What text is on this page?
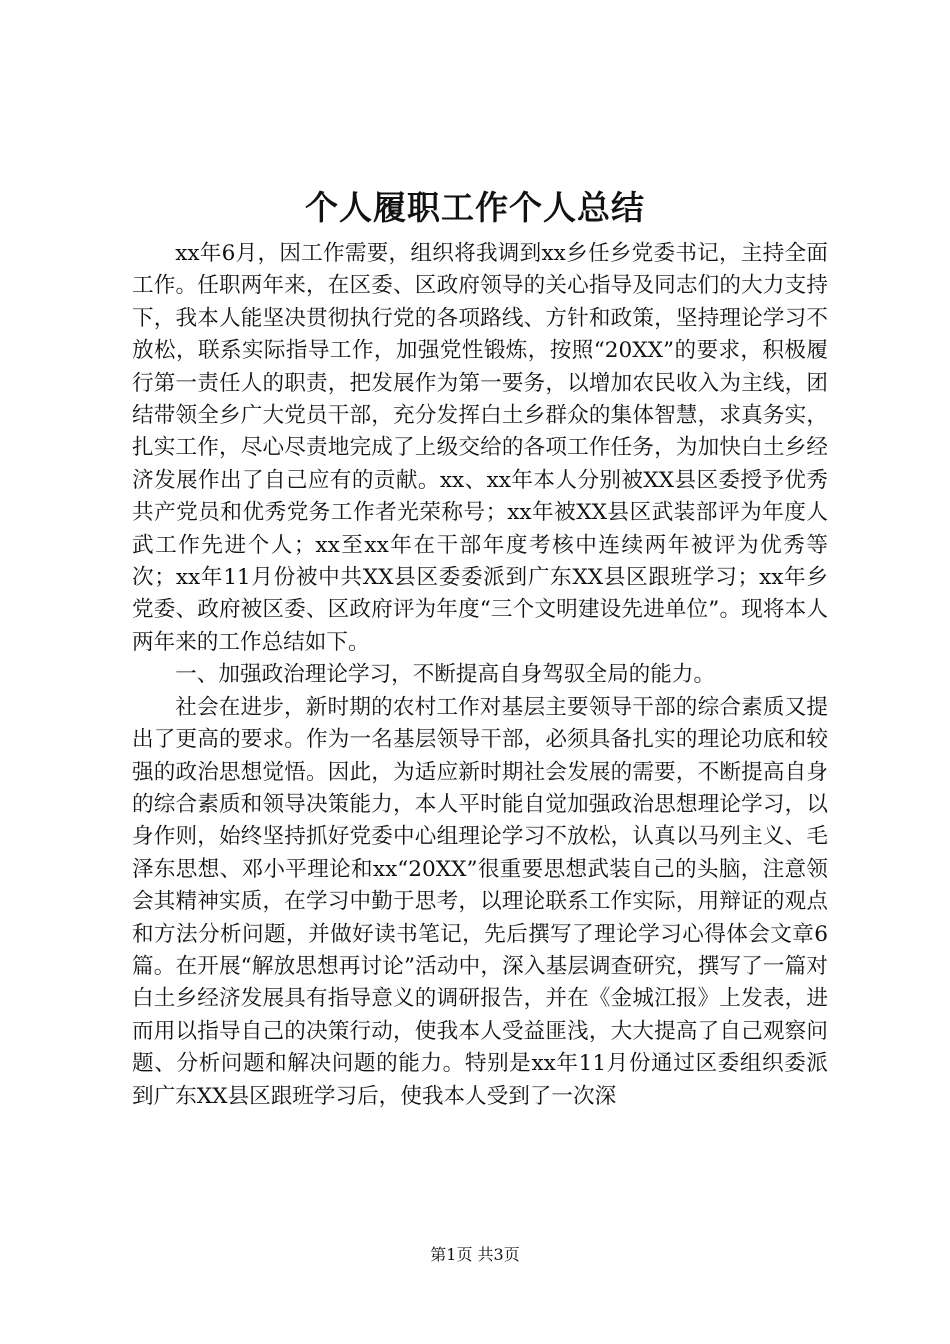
个人履职工作个人总结

xx年6月，因工作需要，组织将我调到xx乡任乡党委书记，主持全面工作。任职两年来，在区委、区政府领导的关心指导及同志们的大力支持下，我本人能坚决贯彻执行党的各项路线、方针和政策，坚持理论学习不放松，联系实际指导工作，加强党性锻炼，按照“20XX”的要求，积极履行第一责任人的职责，把发展作为第一要务，以增加农民收入为主线，团结带领全乡广大党员干部，充分发挥白土乡群众的集体智慧，求真务实，扎实工作，尽心尽责地完成了上级交给的各项工作任务，为加快白土乡经济发展作出了自己应有的贡献。xx、xx年本人分别被XX县区委授予优秀共产党员和优秀党务工作者光荣称号；xx年被XX县区武装部评为年度人武工作先进个人；xx至xx年在干部年度考核中连续两年被评为优秀等次；xx年11月份被中共XX县区委委派到广东XX县区跟班学习；xx年乡党委、政府被区委、区政府评为年度“三个文明建设先进单位”。现将本人两年来的工作总结如下。

一、加强政治理论学习，不断提高自身驾驭全局的能力。

社会在进步，新时期的农村工作对基层主要领导干部的综合素质又提出了更高的要求。作为一名基层领导干部，必须具备扎实的理论功底和较强的政治思想觉悟。因此，为适应新时期社会发展的需要，不断提高自身的综合素质和领导决策能力，本人平时能自觉加强政治思想理论学习，以身作则，始终坚持抓好党委中心组理论学习不放松，认真以马列主义、毛泽东思想、邓小平理论和xx“20XX”很重要思想武装自己的头脑，注意领会其精神实质，在学习中勤于思考，以理论联系工作实际，用辩证的观点和方法分析问题，并做好读书笔记，先后撰写了理论学习心得体会文章6篇。在开展“解放思想再讨论”活动中，深入基层调查研究，撰写了一篇对白土乡经济发展具有指导意义的调研报告，并在《金城江报》上发表，进而用以指导自己的决策行动，使我本人受益匪浅，大大提高了自己观察问题、分析问题和解决问题的能力。特别是xx年11月份通过区委组织委派到广东XX县区跟班学习后，使我本人受到了一次深

第1页 共3页
